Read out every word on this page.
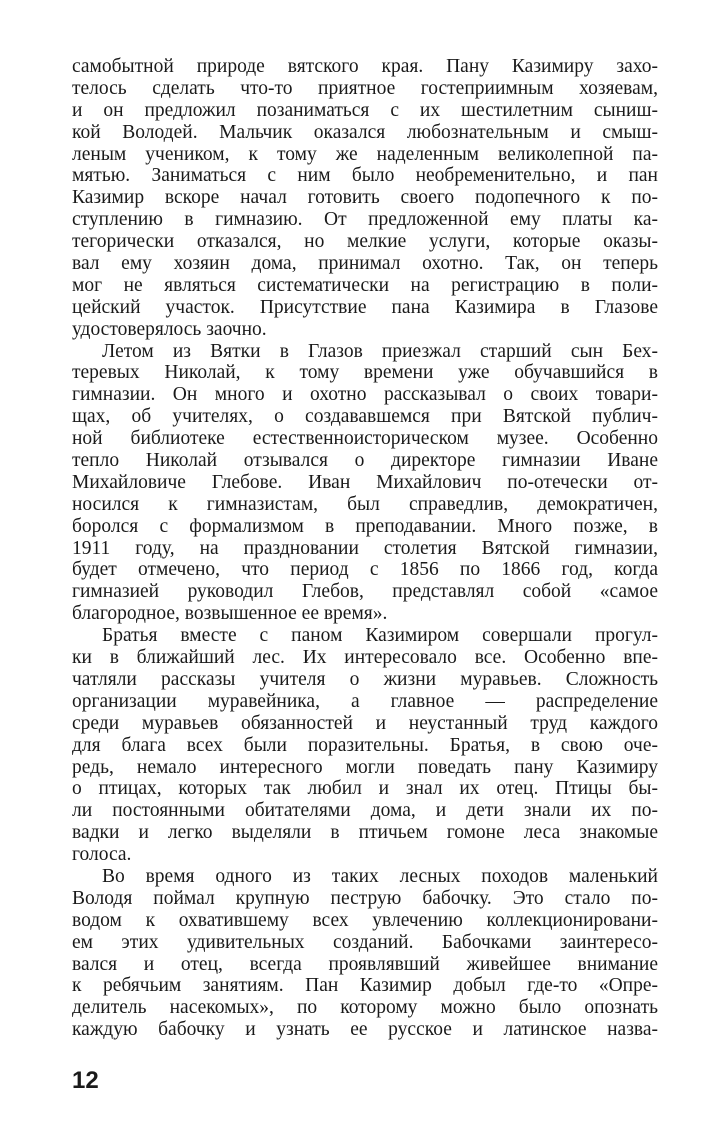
самобытной природе вятского края. Пану Казимиру захо-
телось сделать что-то приятное гостеприимным хозяевам,
и он предложил позаниматься с их шестилетним сыниш-
кой Володей. Мальчик оказался любознательным и смыш-
леным учеником, к тому же наделенным великолепной па-
мятью. Заниматься с ним было необременительно, и пан
Казимир вскоре начал готовить своего подопечного к по-
ступлению в гимназию. От предложенной ему платы ка-
тегорически отказался, но мелкие услуги, которые оказы-
вал ему хозяин дома, принимал охотно. Так, он теперь
мог не являться систематически на регистрацию в поли-
цейский участок. Присутствие пана Казимира в Глазове
удостоверялось заочно.
Летом из Вятки в Глазов приезжал старший сын Бех-
теревых Николай, к тому времени уже обучавшийся в
гимназии. Он много и охотно рассказывал о своих товари-
щах, об учителях, о создававшемся при Вятской публич-
ной библиотеке естественноисторическом музее. Особенно
тепло Николай отзывался о директоре гимназии Иване
Михайловиче Глебове. Иван Михайлович по-отечески от-
носился к гимназистам, был справедлив, демократичен,
боролся с формализмом в преподавании. Много позже, в
1911 году, на праздновании столетия Вятской гимназии,
будет отмечено, что период с 1856 по 1866 год, когда
гимназией руководил Глебов, представлял собой «самое
благородное, возвышенное ее время».
Братья вместе с паном Казимиром совершали прогул-
ки в ближайший лес. Их интересовало все. Особенно впе-
чатляли рассказы учителя о жизни муравьев. Сложность
организации муравейника, а главное — распределение
среди муравьев обязанностей и неустанный труд каждого
для блага всех были поразительны. Братья, в свою оче-
редь, немало интересного могли поведать пану Казимиру
о птицах, которых так любил и знал их отец. Птицы бы-
ли постоянными обитателями дома, и дети знали их по-
вадки и легко выделяли в птичьем гомоне леса знакомые
голоса.
Во время одного из таких лесных походов маленький
Володя поймал крупную пеструю бабочку. Это стало по-
водом к охватившему всех увлечению коллекционировани-
ем этих удивительных созданий. Бабочками заинтересо-
вался и отец, всегда проявлявший живейшее внимание
к ребячьим занятиям. Пан Казимир добыл где-то «Опре-
делитель насекомых», по которому можно было опознать
каждую бабочку и узнать ее русское и латинское назва-
12
